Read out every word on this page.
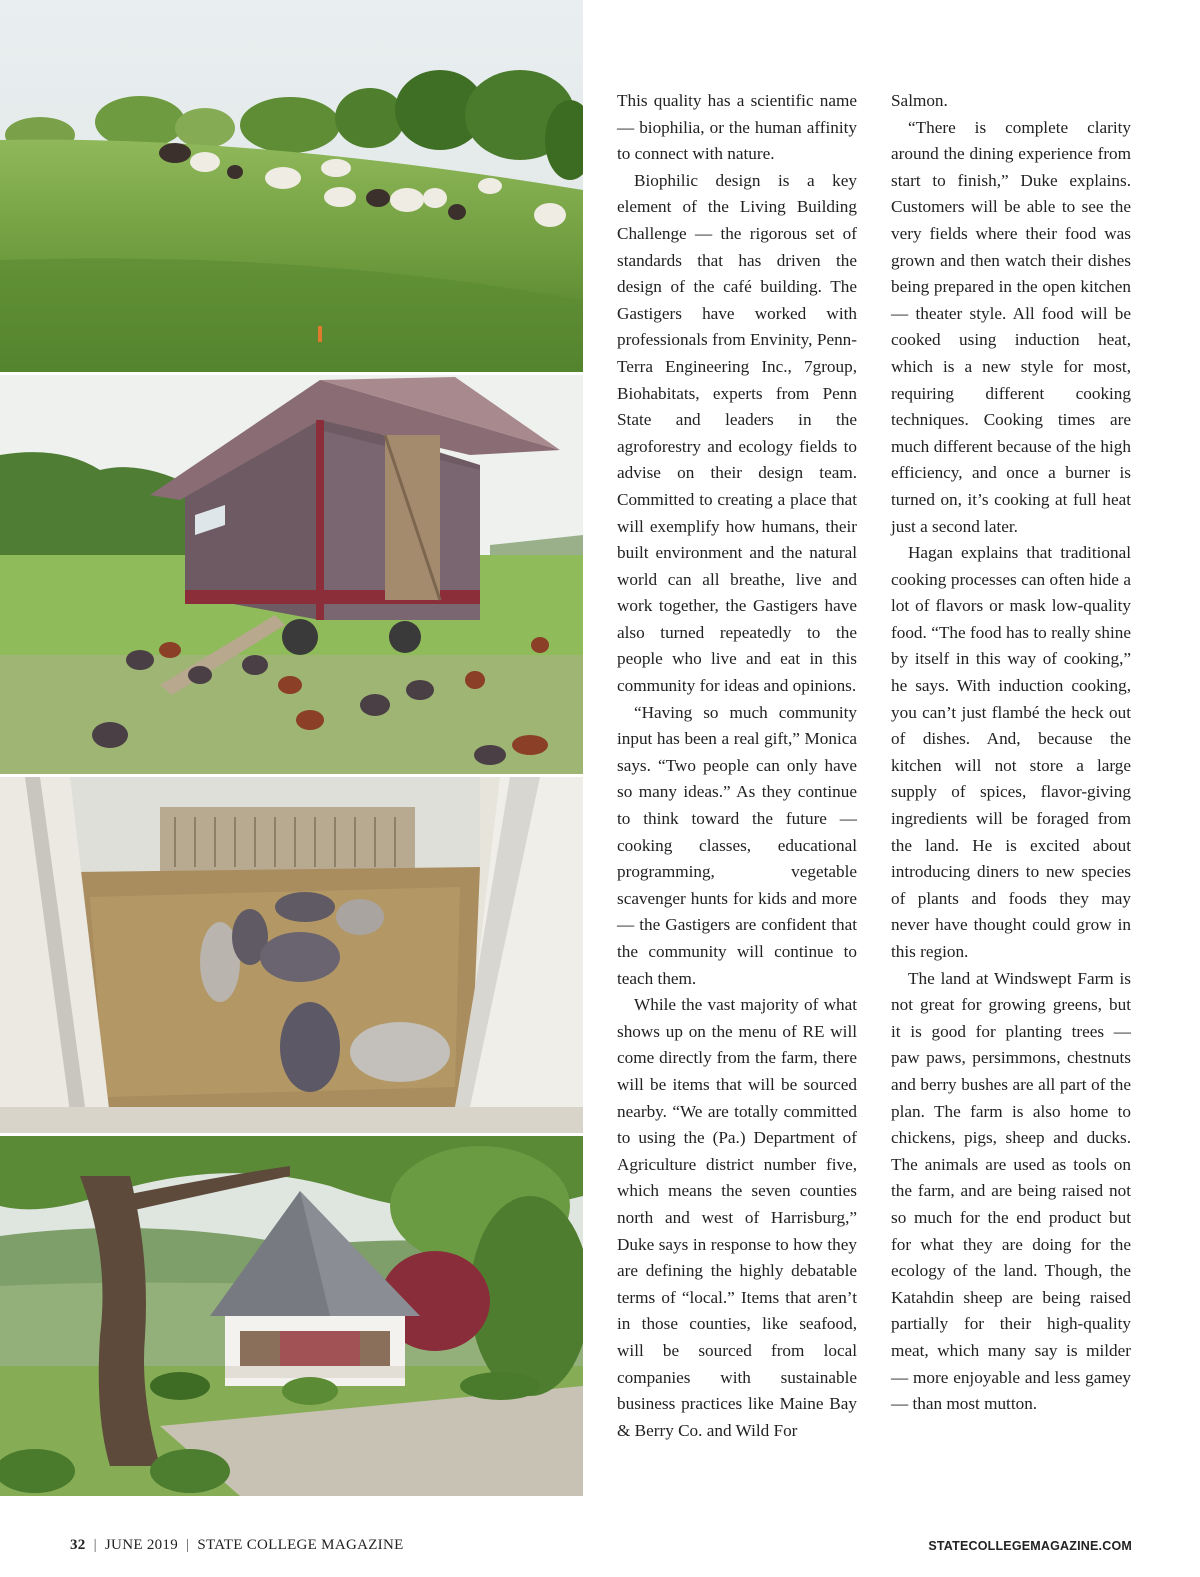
This quality has a scientific name — biophilia, or the human affinity to connect with nature.

Biophilic design is a key element of the Living Building Challenge — the rigorous set of standards that has driven the design of the café building. The Gastigers have worked with professionals from Envinity, Penn-Terra Engineering Inc., 7group, Biohabitats, experts from Penn State and leaders in the agroforestry and ecology fields to advise on their design team. Committed to creating a place that will exemplify how humans, their built environment and the natural world can all breathe, live and work together, the Gastigers have also turned repeatedly to the people who live and eat in this community for ideas and opinions.

“Having so much community input has been a real gift,” Monica says. “Two people can only have so many ideas.” As they continue to think toward the future — cooking classes, educational programming, vegetable scavenger hunts for kids and more — the Gastigers are confident that the community will continue to teach them.

While the vast majority of what shows up on the menu of RE will come directly from the farm, there will be items that will be sourced nearby. “We are totally committed to using the (Pa.) Department of Agriculture district number five, which means the seven counties north and west of Harrisburg,” Duke says in response to how they are defining the highly debatable terms of “local.” Items that aren’t in those counties, like seafood, will be sourced from local companies with sustainable business practices like Maine Bay & Berry Co. and Wild For

Salmon.

“There is complete clarity around the dining experience from start to finish,” Duke explains. Customers will be able to see the very fields where their food was grown and then watch their dishes being prepared in the open kitchen — theater style. All food will be cooked using induction heat, which is a new style for most, requiring different cooking techniques. Cooking times are much different because of the high efficiency, and once a burner is turned on, it’s cooking at full heat just a second later.

Hagan explains that traditional cooking processes can often hide a lot of flavors or mask low-quality food. “The food has to really shine by itself in this way of cooking,” he says. With induction cooking, you can’t just flambé the heck out of dishes. And, because the kitchen will not store a large supply of spices, flavor-giving ingredients will be foraged from the land. He is excited about introducing diners to new species of plants and foods they may never have thought could grow in this region.

The land at Windswept Farm is not great for growing greens, but it is good for planting trees — paw paws, persimmons, chestnuts and berry bushes are all part of the plan. The farm is also home to chickens, pigs, sheep and ducks. The animals are used as tools on the farm, and are being raised not so much for the end product but for what they are doing for the ecology of the land. Though, the Katahdin sheep are being raised partially for their high-quality meat, which many say is milder — more enjoyable and less gamey — than most mutton.

32 | JUNE 2019 | STATE COLLEGE MAGAZINE	STATECOLLEGEMAGAZINE.COM
